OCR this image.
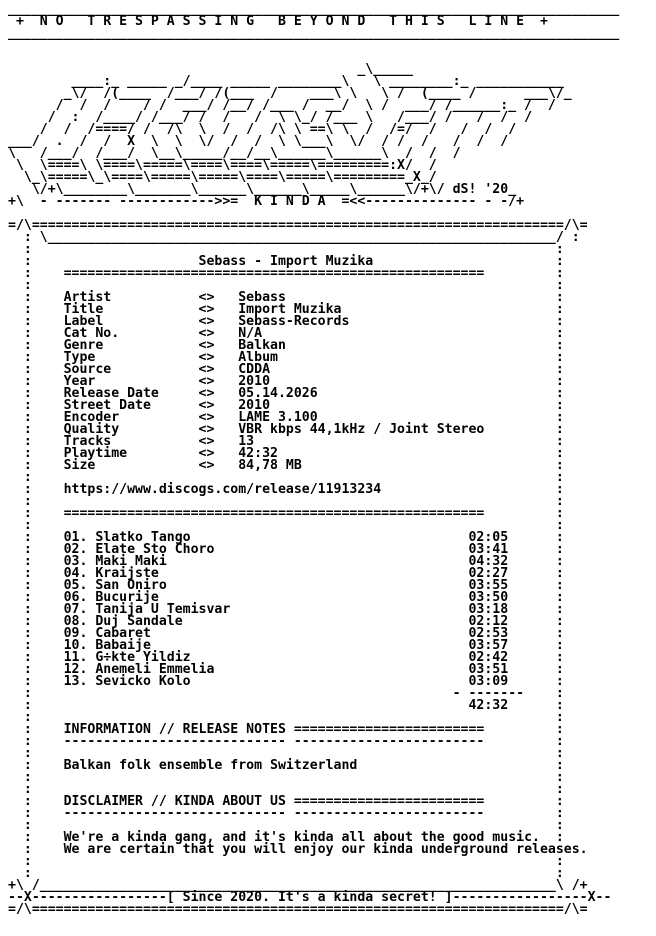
_____________________________________________________________________________
+  N O   T R E S P A S S I N G   B E Y O N D   T H I S   L I N E  +
_____________________________________________________________________________
_\_____
____:_ _____ _/____ _____ ________\   \ ________:_ ___________
_\/  /(____  /___/ /(___  /    ___\ \   \ /  (____ /      ___\/_
/  /  /    / /  ___/ /__/ /___ /  __/  \ /  ___/ /______:_ /  /
/  :  /____/ /___/ /  /   /  \ \_/ /___ \   /___/ /   /  /  /
/  /  /====/ /  /\  \  /  /  /\ \ ==\ \  /  /=/  /   /  /  /
___/  .  /  /  X  \  \  \/  /  /  \ \___\  \/  / /  /   /  /  /
\   /___/  /___/  \__\_____/__/__\______\______\  /  /  /
\  \====\ \====\=====\====\====\=====\=========:X/  /
\_\=====\_\====\=====\=====\====\=====\=========_X_/
\/+\________\_______\______\______\_____\______\/+\/ dS! '20_
+\  - ------- ------------>>=  K I N D A  =<<-------------- - -/+
=/\===================================================================/\=
: \________________________________________________________________/ :
:                                                                  :
:                     Sebass - Import Muzika                       :
:    =====================================================         :
:                                                                  :
:    Artist           <>   Sebass                                  :
:    Title            <>   Import Muzika                           :
:    Label            <>   Sebass-Records                          :
:    Cat No.          <>   N/A                                     :
:    Genre            <>   Balkan                                  :
:    Type             <>   Album                                   :
:    Source           <>   CDDA                                    :
:    Year             <>   2010                                    :
:    Release Date     <>   05.14.2026                              :
:    Street Date      <>   2010                                    :
:    Encoder          <>   LAME 3.100                              :
:    Quality          <>   VBR kbps 44,1kHz / Joint Stereo         :
:    Tracks           <>   13                                      :
:    Playtime         <>   42:32                                   :
:    Size             <>   84,78 MB                                :
:                                                                  :
:    https://www.discogs.com/release/11913234                      :
:                                                                  :
:    =====================================================         :
:                                                                  :
:    01. Slatko Tango                                   02:05      :
:    02. Elate Sto Choro                                03:41      :
:    03. Maki Maki                                      04:32      :
:    04. Kraijste                                       02:27      :
:    05. San Oniro                                      03:55      :
:    06. Bucurije                                       03:50      :
:    07. Tanija U Temisvar                              03:18      :
:    08. Duj Sandale                                    02:12      :
:    09. Cabaret                                        02:53      :
:    10. Babaije                                        03:57      :
:    11. G÷kte Yildiz                                   02:42      :
:    12. Anemeli Emmelia                                03:51      :
:    13. Sevicko Kolo                                   03:09      :
:                                                     - -------    :
:                                                       42:32      :
:                                                                  :
:    INFORMATION // RELEASE NOTES ========================         :
:    ---------------------------- ------------------------         :
:                                                                  :
:    Balkan folk ensemble from Switzerland                         :
:                                                                  :
:                                                                  :
:    DISCLAIMER // KINDA ABOUT US ========================         :
:    ---------------------------- ------------------------         :
:                                                                  :
:    We're a kinda gang, and it's kinda all about the good music.  :
:    We are certain that you will enjoy our kinda underground releases.
:                                                                  :
:                                                                  :
+\ /_________________________________________________________________\ /+
--X-----------------[ Since 2020. It's a kinda secret! ]-----------------X--
=/\===================================================================/\=
